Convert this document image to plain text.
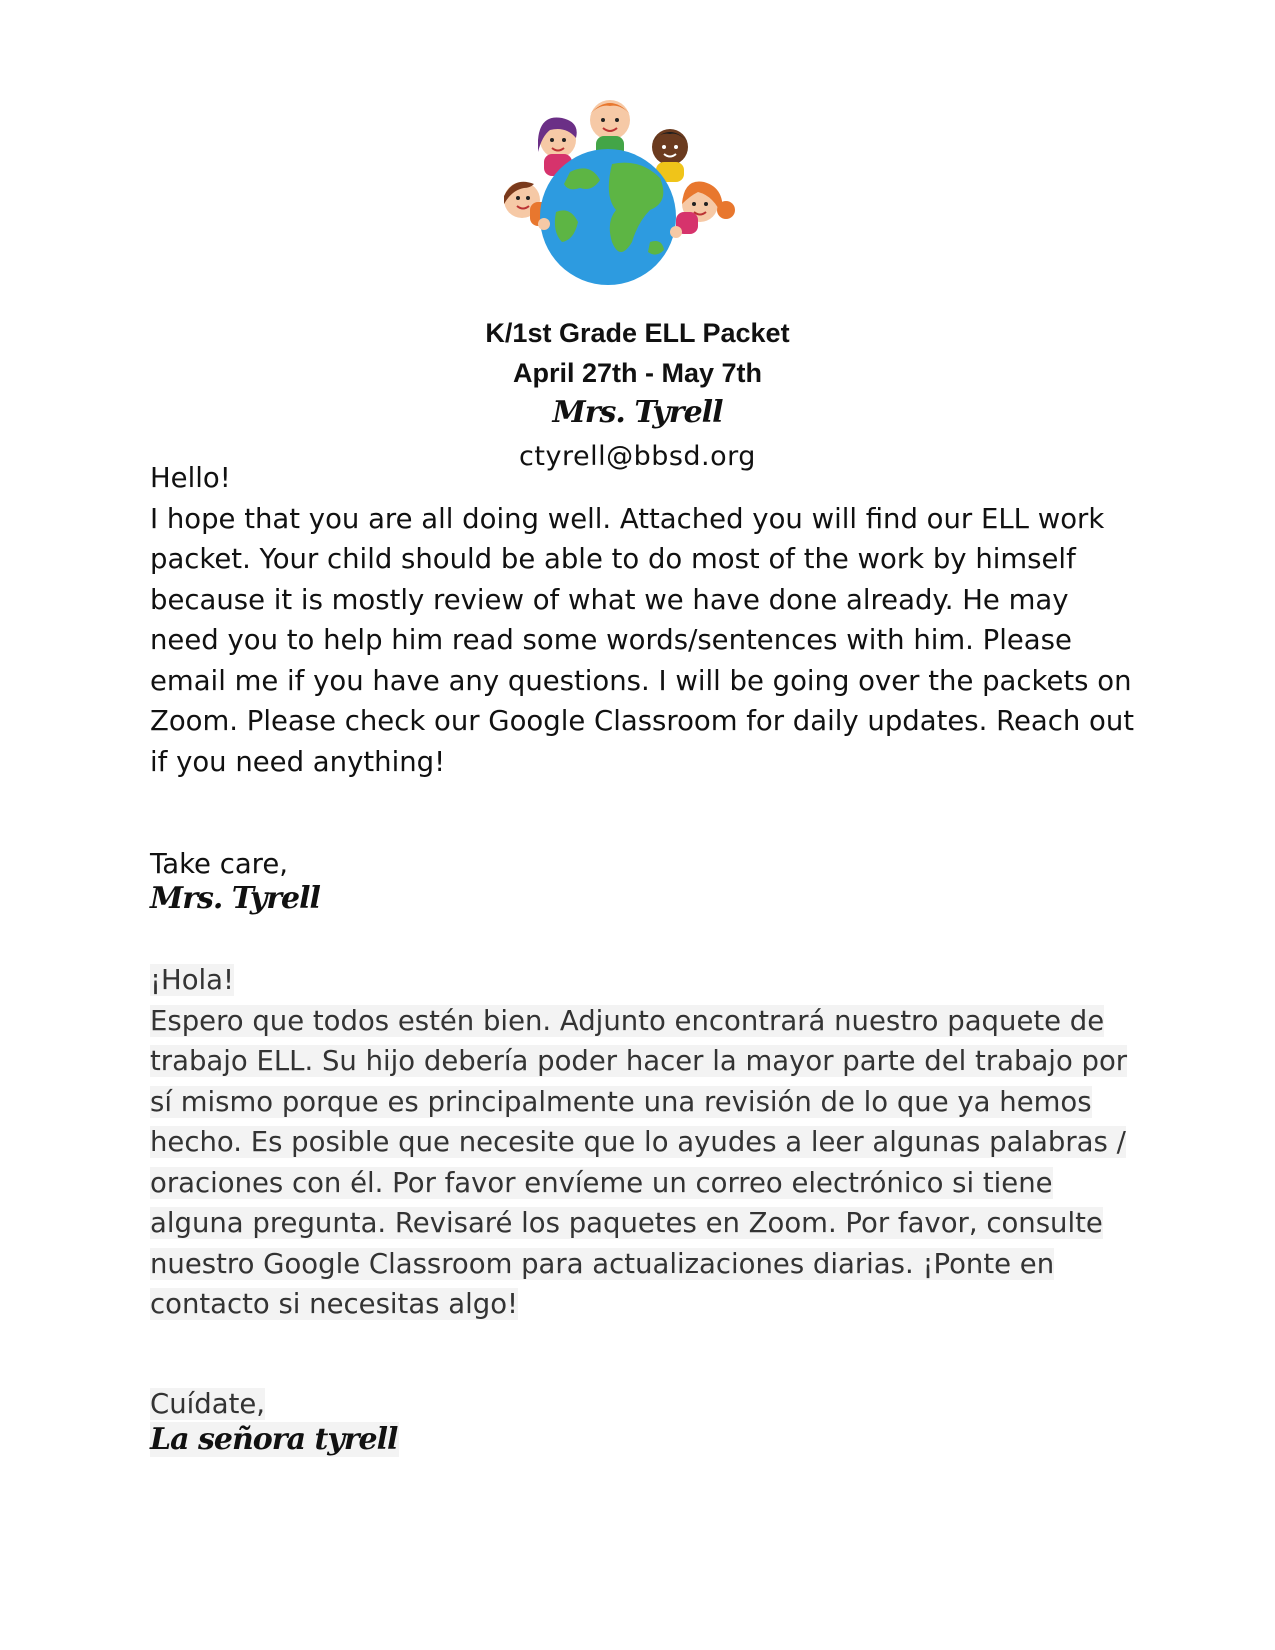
K/1st Grade ELL Packet
April 27th - May 7th
Mrs. Tyrell
ctyrell@bbsd.org

Hello!

I hope that you are all doing well. Attached you will find our ELL work packet. Your child should be able to do most of the work by himself because it is mostly review of what we have done already. He may need you to help him read some words/sentences with him. Please email me if you have any questions. I will be going over the packets on Zoom. Please check our Google Classroom for daily updates. Reach out if you need anything!

Take care,
Mrs. Tyrell

¡Hola!

Espero que todos estén bien. Adjunto encontrará nuestro paquete de trabajo ELL. Su hijo debería poder hacer la mayor parte del trabajo por sí mismo porque es principalmente una revisión de lo que ya hemos hecho. Es posible que necesite que lo ayudes a leer algunas palabras / oraciones con él. Por favor envíeme un correo electrónico si tiene alguna pregunta. Revisaré los paquetes en Zoom. Por favor, consulte nuestro Google Classroom para actualizaciones diarias. ¡Ponte en contacto si necesitas algo!

Cuídate,
La señora tyrell
